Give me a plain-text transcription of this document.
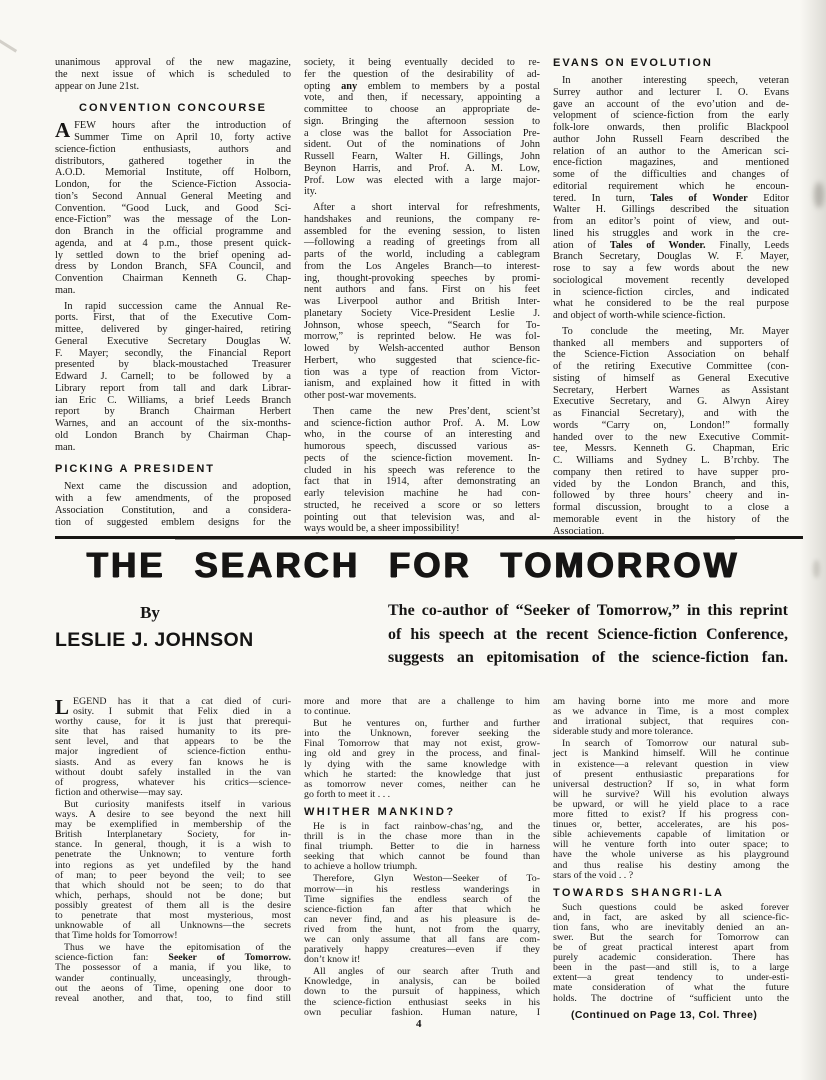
unanimous approval of the new magazine,
the next issue of which is scheduled to
appear on June 21st.
CONVENTION CONCOURSE
AFEW hours after the introduction of
Summer Time on April 10, forty active
science-fiction enthusiasts, authors and
distributors, gathered together in the
A.O.D. Memorial Institute, off Holborn,
London, for the Science-Fiction Associa-
tion’s Second Annual General Meeting and
Convention. “Good Luck, and Good Sci-
ence-Fiction” was the message of the Lon-
don Branch in the official programme and
agenda, and at 4 p.m., those present quick-
ly settled down to the brief opening ad-
dress by London Branch, SFA Council, and
Convention Chairman Kenneth G. Chap-
man.
In rapid succession came the Annual Re-
ports. First, that of the Executive Com-
mittee, delivered by ginger-haired, retiring
General Executive Secretary Douglas W.
F. Mayer; secondly, the Financial Report
presented by black-moustached Treasurer
Edward J. Carnell; to be followed by a
Library report from tall and dark Librar-
ian Eric C. Williams, a brief Leeds Branch
report by Branch Chairman Herbert
Warnes, and an account of the six-months-
old London Branch by Chairman Chap-
man.
PICKING A PRESIDENT
Next came the discussion and adoption,
with a few amendments, of the proposed
Association Constitution, and a considera-
tion of suggested emblem designs for the
society, it being eventually decided to re-
fer the question of the desirability of ad-
opting any emblem to members by a postal
vote, and then, if necessary, appointing a
committee to choose an appropriate de-
sign. Bringing the afternoon session to
a close was the ballot for Association Pre-
sident. Out of the nominations of John
Russell Fearn, Walter H. Gillings, John
Beynon Harris, and Prof. A. M. Low,
Prof. Low was elected with a large major-
ity.
After a short interval for refreshments,
handshakes and reunions, the company re-
assembled for the evening session, to listen
—following a reading of greetings from all
parts of the world, including a cablegram
from the Los Angeles Branch—to interest-
ing, thought-provoking speeches by promi-
nent authors and fans. First on his feet
was Liverpool author and British Inter-
planetary Society Vice-President Leslie J.
Johnson, whose speech, “Search for To-
morrow,” is reprinted below. He was fol-
lowed by Welsh-accented author Benson
Herbert, who suggested that science-fic-
tion was a type of reaction from Victor-
ianism, and explained how it fitted in with
other post-war movements.
Then came the new Pres’dent, scient’st
and science-fiction author Prof. A. M. Low
who, in the course of an interesting and
humorous speech, discussed various as-
pects of the science-fiction movement. In-
cluded in his speech was reference to the
fact that in 1914, after demonstrating an
early television machine he had con-
structed, he received a score or so letters
pointing out that television was, and al-
ways would be, a sheer impossibility!
EVANS ON EVOLUTION
In another interesting speech, veteran
Surrey author and lecturer I. O. Evans
gave an account of the evo’ution and de-
velopment of science-fiction from the early
folk-lore onwards, then prolific Blackpool
author John Russell Fearn described the
relation of an author to the American sci-
ence-fiction magazines, and mentioned
some of the difficulties and changes of
editorial requirement which he encoun-
tered. In turn, Tales of Wonder Editor
Walter H. Gillings described the situation
from an editor’s point of view, and out-
lined his struggles and work in the cre-
ation of Tales of Wonder. Finally, Leeds
Branch Secretary, Douglas W. F. Mayer,
rose to say a few words about the new
sociological movement recently developed
in science-fiction circles, and indicated
what he considered to be the real purpose
and object of worth-while science-fiction.
To conclude the meeting, Mr. Mayer
thanked all members and supporters of
the Science-Fiction Association on behalf
of the retiring Executive Committee (con-
sisting of himself as General Executive
Secretary, Herbert Warnes as Assistant
Executive Secretary, and G. Alwyn Airey
as Financial Secretary), and with the
words “Carry on, London!” formally
handed over to the new Executive Commit-
tee, Messrs. Kenneth G. Chapman, Eric
C. Williams and Sydney L. B’rchby. The
company then retired to have supper pro-
vided by the London Branch, and this,
followed by three hours’ cheery and in-
formal discussion, brought to a close a
memorable event in the history of the
Association.
THE SEARCH FOR TOMORROW
By
LESLIE J. JOHNSON
The co-author of “Seeker of Tomorrow,” in this reprint
of his speech at the recent Science-fiction Conference,
suggests an epitomisation of the science-fiction fan.
LEGEND has it that a cat died of curi-
osity. I submit that Felix died in a
worthy cause, for it is just that prerequi-
site that has raised humanity to its pre-
sent level, and that appears to be the
major ingredient of science-fiction enthu-
siasts. And as every fan knows he is
without doubt safely installed in the van
of progress, whatever his critics—science-
fiction and otherwise—may say.
But curiosity manifests itself in various
ways. A desire to see beyond the next hill
may be exemplified in membership of the
British Interplanetary Society, for in-
stance. In general, though, it is a wish to
penetrate the Unknown; to venture forth
into regions as yet undefiled by the hand
of man; to peer beyond the veil; to see
that which should not be seen; to do that
which, perhaps, should not be done; but
possibly greatest of them all is the desire
to penetrate that most mysterious, most
unknowable of all Unknowns—the secrets
that Time holds for Tomorrow!
Thus we have the epitomisation of the
science-fiction fan: Seeker of Tomorrow.
The possessor of a mania, if you like, to
wander continually, unceasingly, through-
out the aeons of Time, opening one door to
reveal another, and that, too, to find still
more and more that are a challenge to him
to continue.
But he ventures on, further and further
into the Unknown, forever seeking the
Final Tomorrow that may not exist, grow-
ing old and grey in the process, and final-
ly dying with the same knowledge with
which he started: the knowledge that just
as tomorrow never comes, neither can he
go forth to meet it . . .
WHITHER MANKIND?
He is in fact rainbow-chas’ng, and the
thrill is in the chase more than in the
final triumph. Better to die in harness
seeking that which cannot be found than
to achieve a hollow triumph.
Therefore, Glyn Weston—Seeker of To-
morrow—in his restless wanderings in
Time signifies the endless search of the
science-fiction fan after that which he
can never find, and as his pleasure is de-
rived from the hunt, not from the quarry,
we can only assume that all fans are com-
paratively happy creatures—even if they
don’t know it!
All angles of our search after Truth and
Knowledge, in analysis, can be boiled
down to the pursuit of happiness, which
the science-fiction enthusiast seeks in his
own peculiar fashion. Human nature, I
am having borne into me more and more
as we advance in Time, is a most complex
and irrational subject, that requires con-
siderable study and more tolerance.
In search of Tomorrow our natural sub-
ject is Mankind himself. Will he continue
in existence—a relevant question in view
of present enthusiastic preparations for
universal destruction? If so, in what form
will he survive? Will his evolution always
be upward, or will he yield place to a race
more fitted to exist? If his progress con-
tinues or, better, accelerates, are his pos-
sible achievements capable of limitation or
will he venture forth into outer space; to
have the whole universe as his playground
and thus realise his destiny among the
stars of the void . . ?
TOWARDS SHANGRI-LA
Such questions could be asked forever
and, in fact, are asked by all science-fic-
tion fans, who are inevitably denied an an-
swer. But the search for Tomorrow can
be of great practical interest apart from
purely academic consideration. There has
been in the past—and still is, to a large
extent—a great tendency to under-esti-
mate consideration of what the future
holds. The doctrine of “sufficient unto the
(Continued on Page 13, Col. Three)
4
